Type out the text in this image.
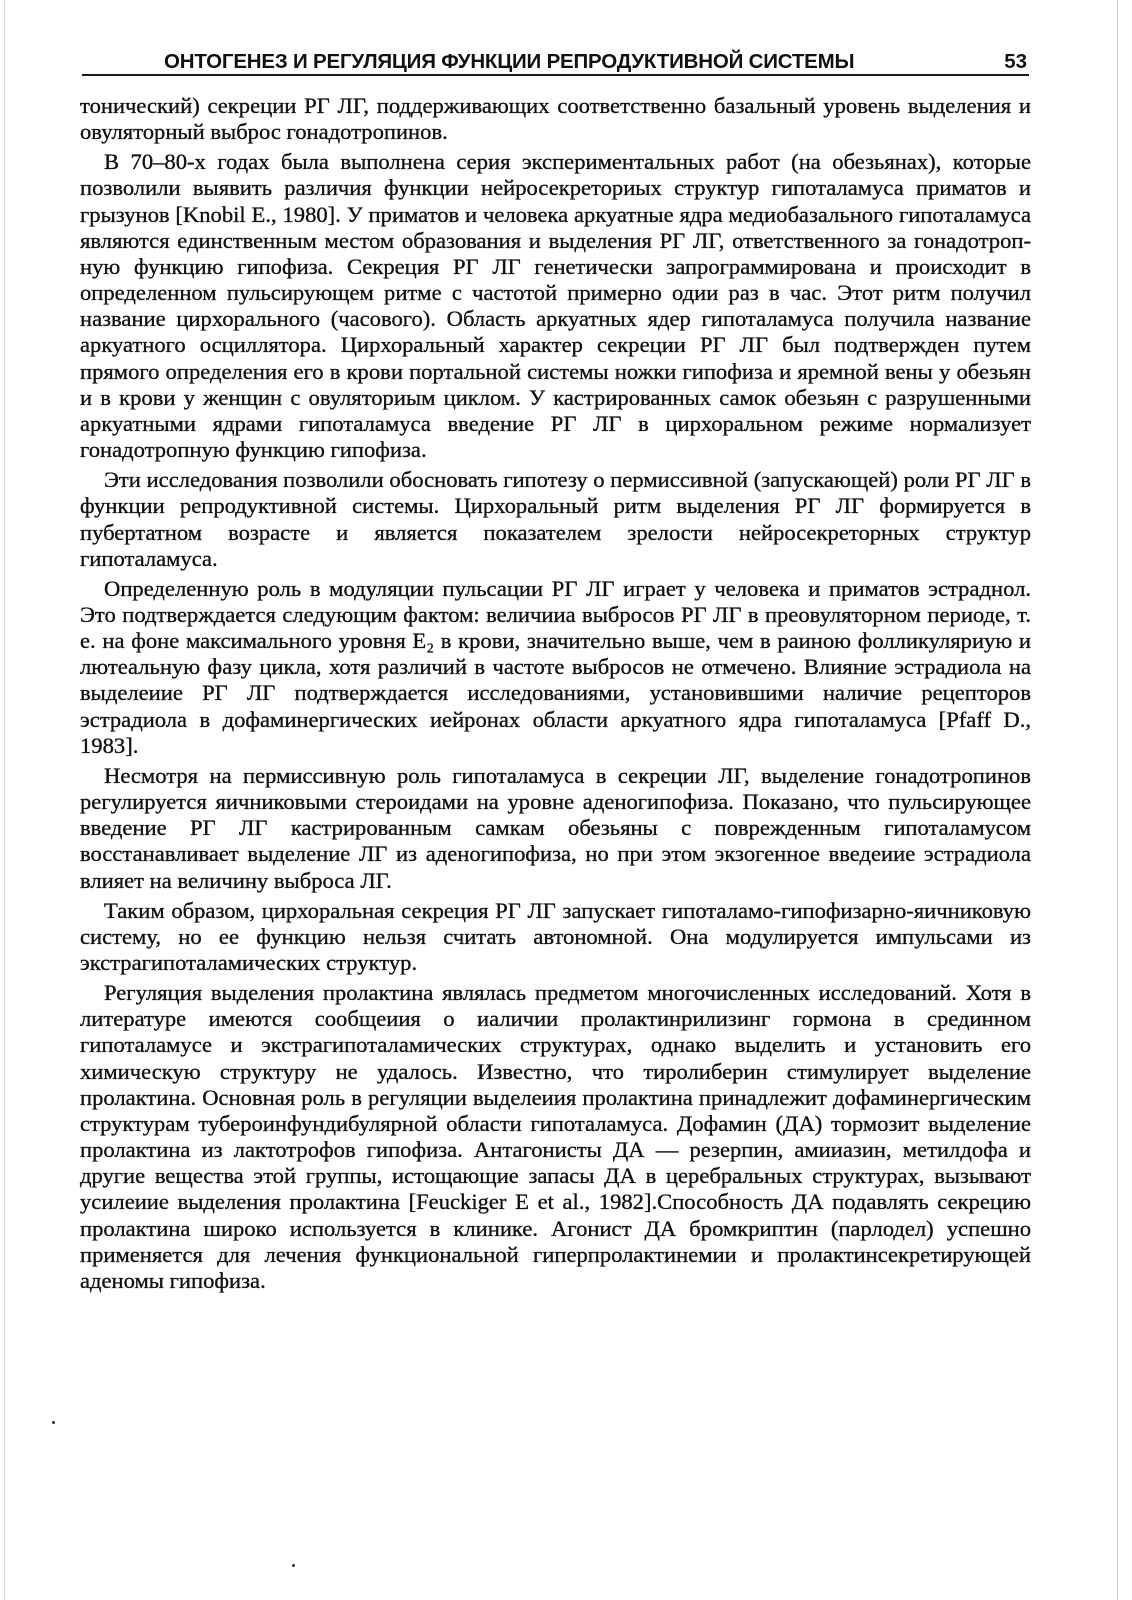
ОНТОГЕНЕЗ И РЕГУЛЯЦИЯ ФУНКЦИИ РЕПРОДУКТИВНОЙ СИСТЕМЫ	53

тонический) секреции РГ ЛГ, поддерживающих соответственно базальный уровень выделения и овуляторный выброс гонадотропинов.

В 70–80-х годах была выполнена серия экспериментальных работ (на обезьянах), которые позволили выявить различия функции нейросекреториых структур гипоталамуса приматов и грызунов [Knobil E., 1980]. У приматов и человека аркуатные ядра медиобазального гипоталамуса являются единственным местом образования и выделения РГ ЛГ, ответственного за гонадотропную функцию гипофиза. Секреция РГ ЛГ генетически запрограммирована и происходит в определенном пульсирующем ритме с частотой примерно одии раз в час. Этот ритм получил название цирхорального (часового). Область аркуатных ядер гипоталамуса получила название аркуатного осциллятора. Цирхоральный характер секреции РГ ЛГ был подтвержден путем прямого определения его в крови портальной системы ножки гипофиза и яремной вены у обезьян и в крови у женщин с овуляториым циклом. У кастрированных самок обезьян с разрушенными аркуатными ядрами гипоталамуса введение РГ ЛГ в цирхоральном режиме нормализует гонадотропную функцию гипофиза.

Эти исследования позволили обосновать гипотезу о пермиссивной (запускающей) роли РГ ЛГ в функции репродуктивной системы. Цирхоральный ритм выделения РГ ЛГ формируется в пубертатном возрасте и является показателем зрелости нейросекреторных структур гипоталамуса.

Определенную роль в модуляции пульсации РГ ЛГ играет у человека и приматов эстраднол. Это подтверждается следующим фактом: величииа выбросов РГ ЛГ в преовуляторном периоде, т. е. на фоне максимального уровня E₂ в крови, значительно выше, чем в раиною фолликуляриую и лютеальную фазу цикла, хотя различий в частоте выбросов не отмечено. Влияние эстрадиола на выделеиие РГ ЛГ подтверждается исследованиями, установившими наличие рецепторов эстрадиола в дофаминергических иейронах области аркуатного ядра гипоталамуса [Pfaff D., 1983].

Несмотря на пермиссивную роль гипоталамуса в секреции ЛГ, выделение гонадотропинов регулируется яичниковыми стероидами на уровне аденогипофиза. Показано, что пульсирующее введение РГ ЛГ кастрированным самкам обезьяны с поврежденным гипоталамусом восстанавливает выделение ЛГ из аденогипофиза, но при этом экзогенное введеиие эстрадиола влияет на величину выброса ЛГ.

Таким образом, цирхоральная секреция РГ ЛГ запускает гипоталамо-гипофизарно-яичниковую систему, но ее функцию нельзя считать автономной. Она модулируется импульсами из экстрагипоталамических структур.

Регуляция выделения пролактина являлась предметом многочисленных исследований. Хотя в литературе имеются сообщеиия о иаличии пролактинрилизинг гормона в срединном гипоталамусе и экстрагипоталамических структурах, однако выделить и установить его химическую структуру не удалось. Известно, что тиролиберин стимулирует выделение пролактина. Основная роль в регуляции выделеиия пролактина принадлежит дофаминергическим структурам тубероинфундибулярной области гипоталамуса. Дофамин (ДА) тормозит выделение пролактина из лактотрофов гипофиза. Антагонисты ДА — резерпин, амииазин, метилдофа и другие вещества этой группы, истощающие запасы ДА в церебральных структурах, вызывают усилеиие выделения пролактина [Feuckiger E et al., 1982].Способность ДА подавлять секрецию пролактина широко используется в клинике. Агонист ДА бромкриптин (парлодел) успешно применяется для лечения функциональной гиперпролактинемии и пролактинсекретирующей аденомы гипофиза.
